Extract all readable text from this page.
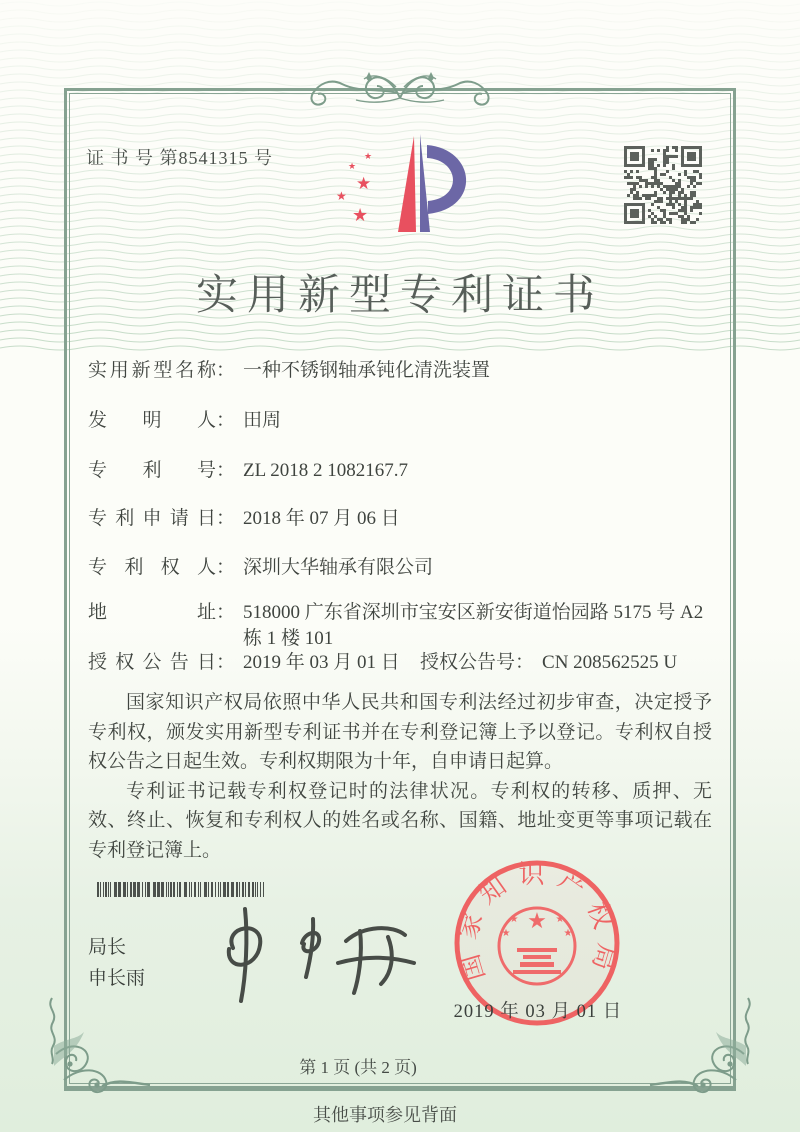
证 书 号 第8541315 号	★
★
★
★
★
实用新型专利证书
实用新型名称 ： 一种不锈钢轴承钝化清洗装置
发明人 ： 田周
专利号 ： ZL 2018 2 1082167.7
专利申请日 ： 2018 年 07 月 06 日
专利权人 ： 深圳大华轴承有限公司
地址 ： 518000 广东省深圳市宝安区新安街道怡园路 5175 号 A2 栋 1 楼 101
授权公告日 ： 2019 年 03 月 01 日	授权公告号 ： CN 208562525 U

国家知识产权局依照中华人民共和国专利法经过初步审查，决定授予专利权，颁发实用新型专利证书并在专利登记簿上予以登记。专利权自授权公告之日起生效。专利权期限为十年，自申请日起算。

专利证书记载专利权登记时的法律状况。专利权的转移、质押、无效、终止、恢复和专利权人的姓名或名称、国籍、地址变更等事项记载在专利登记簿上。

局长
申长雨	国家知识产权局
★
★
★
★
★
2019 年 03 月 01 日
第 1 页 (共 2 页)
其他事项参见背面
